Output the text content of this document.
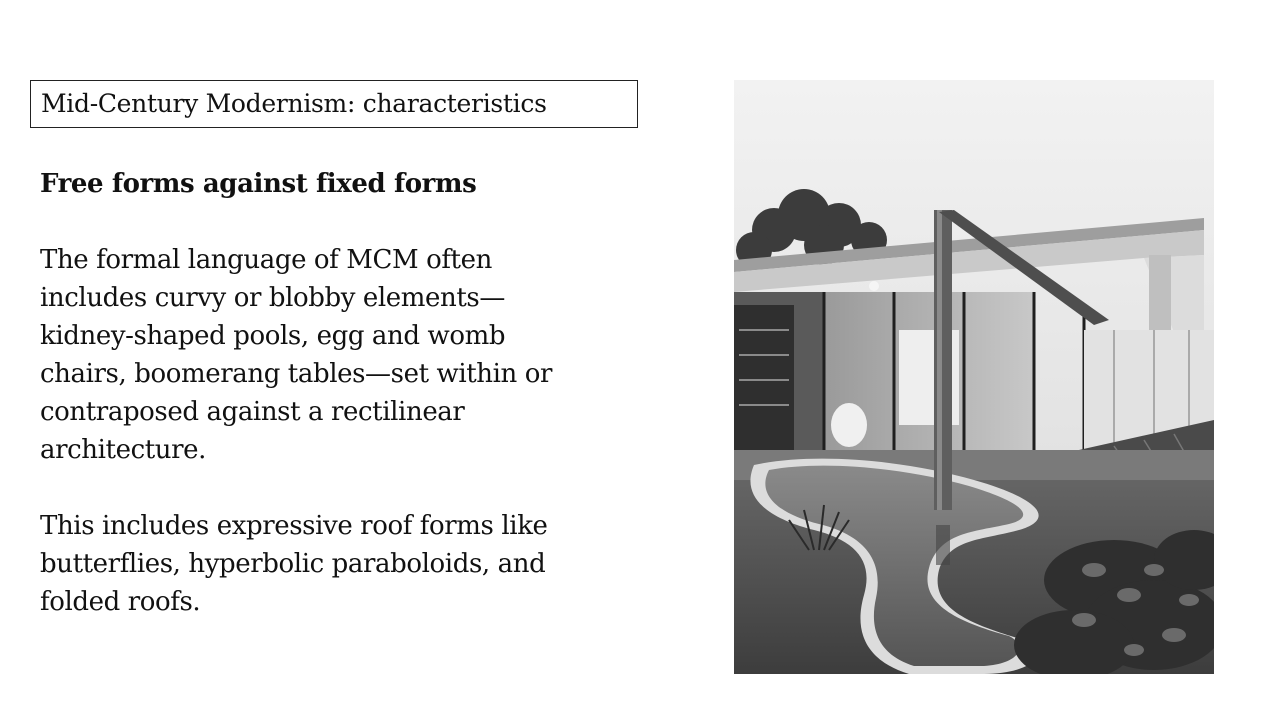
Mid-Century Modernism: characteristics
Free forms against fixed forms
The formal language of MCM often
includes curvy or blobby elements—
kidney-shaped pools, egg and womb
chairs, boomerang tables—set within or
contraposed against a rectilinear
architecture.
This includes expressive roof forms like
butterflies, hyperbolic paraboloids, and
folded roofs.
